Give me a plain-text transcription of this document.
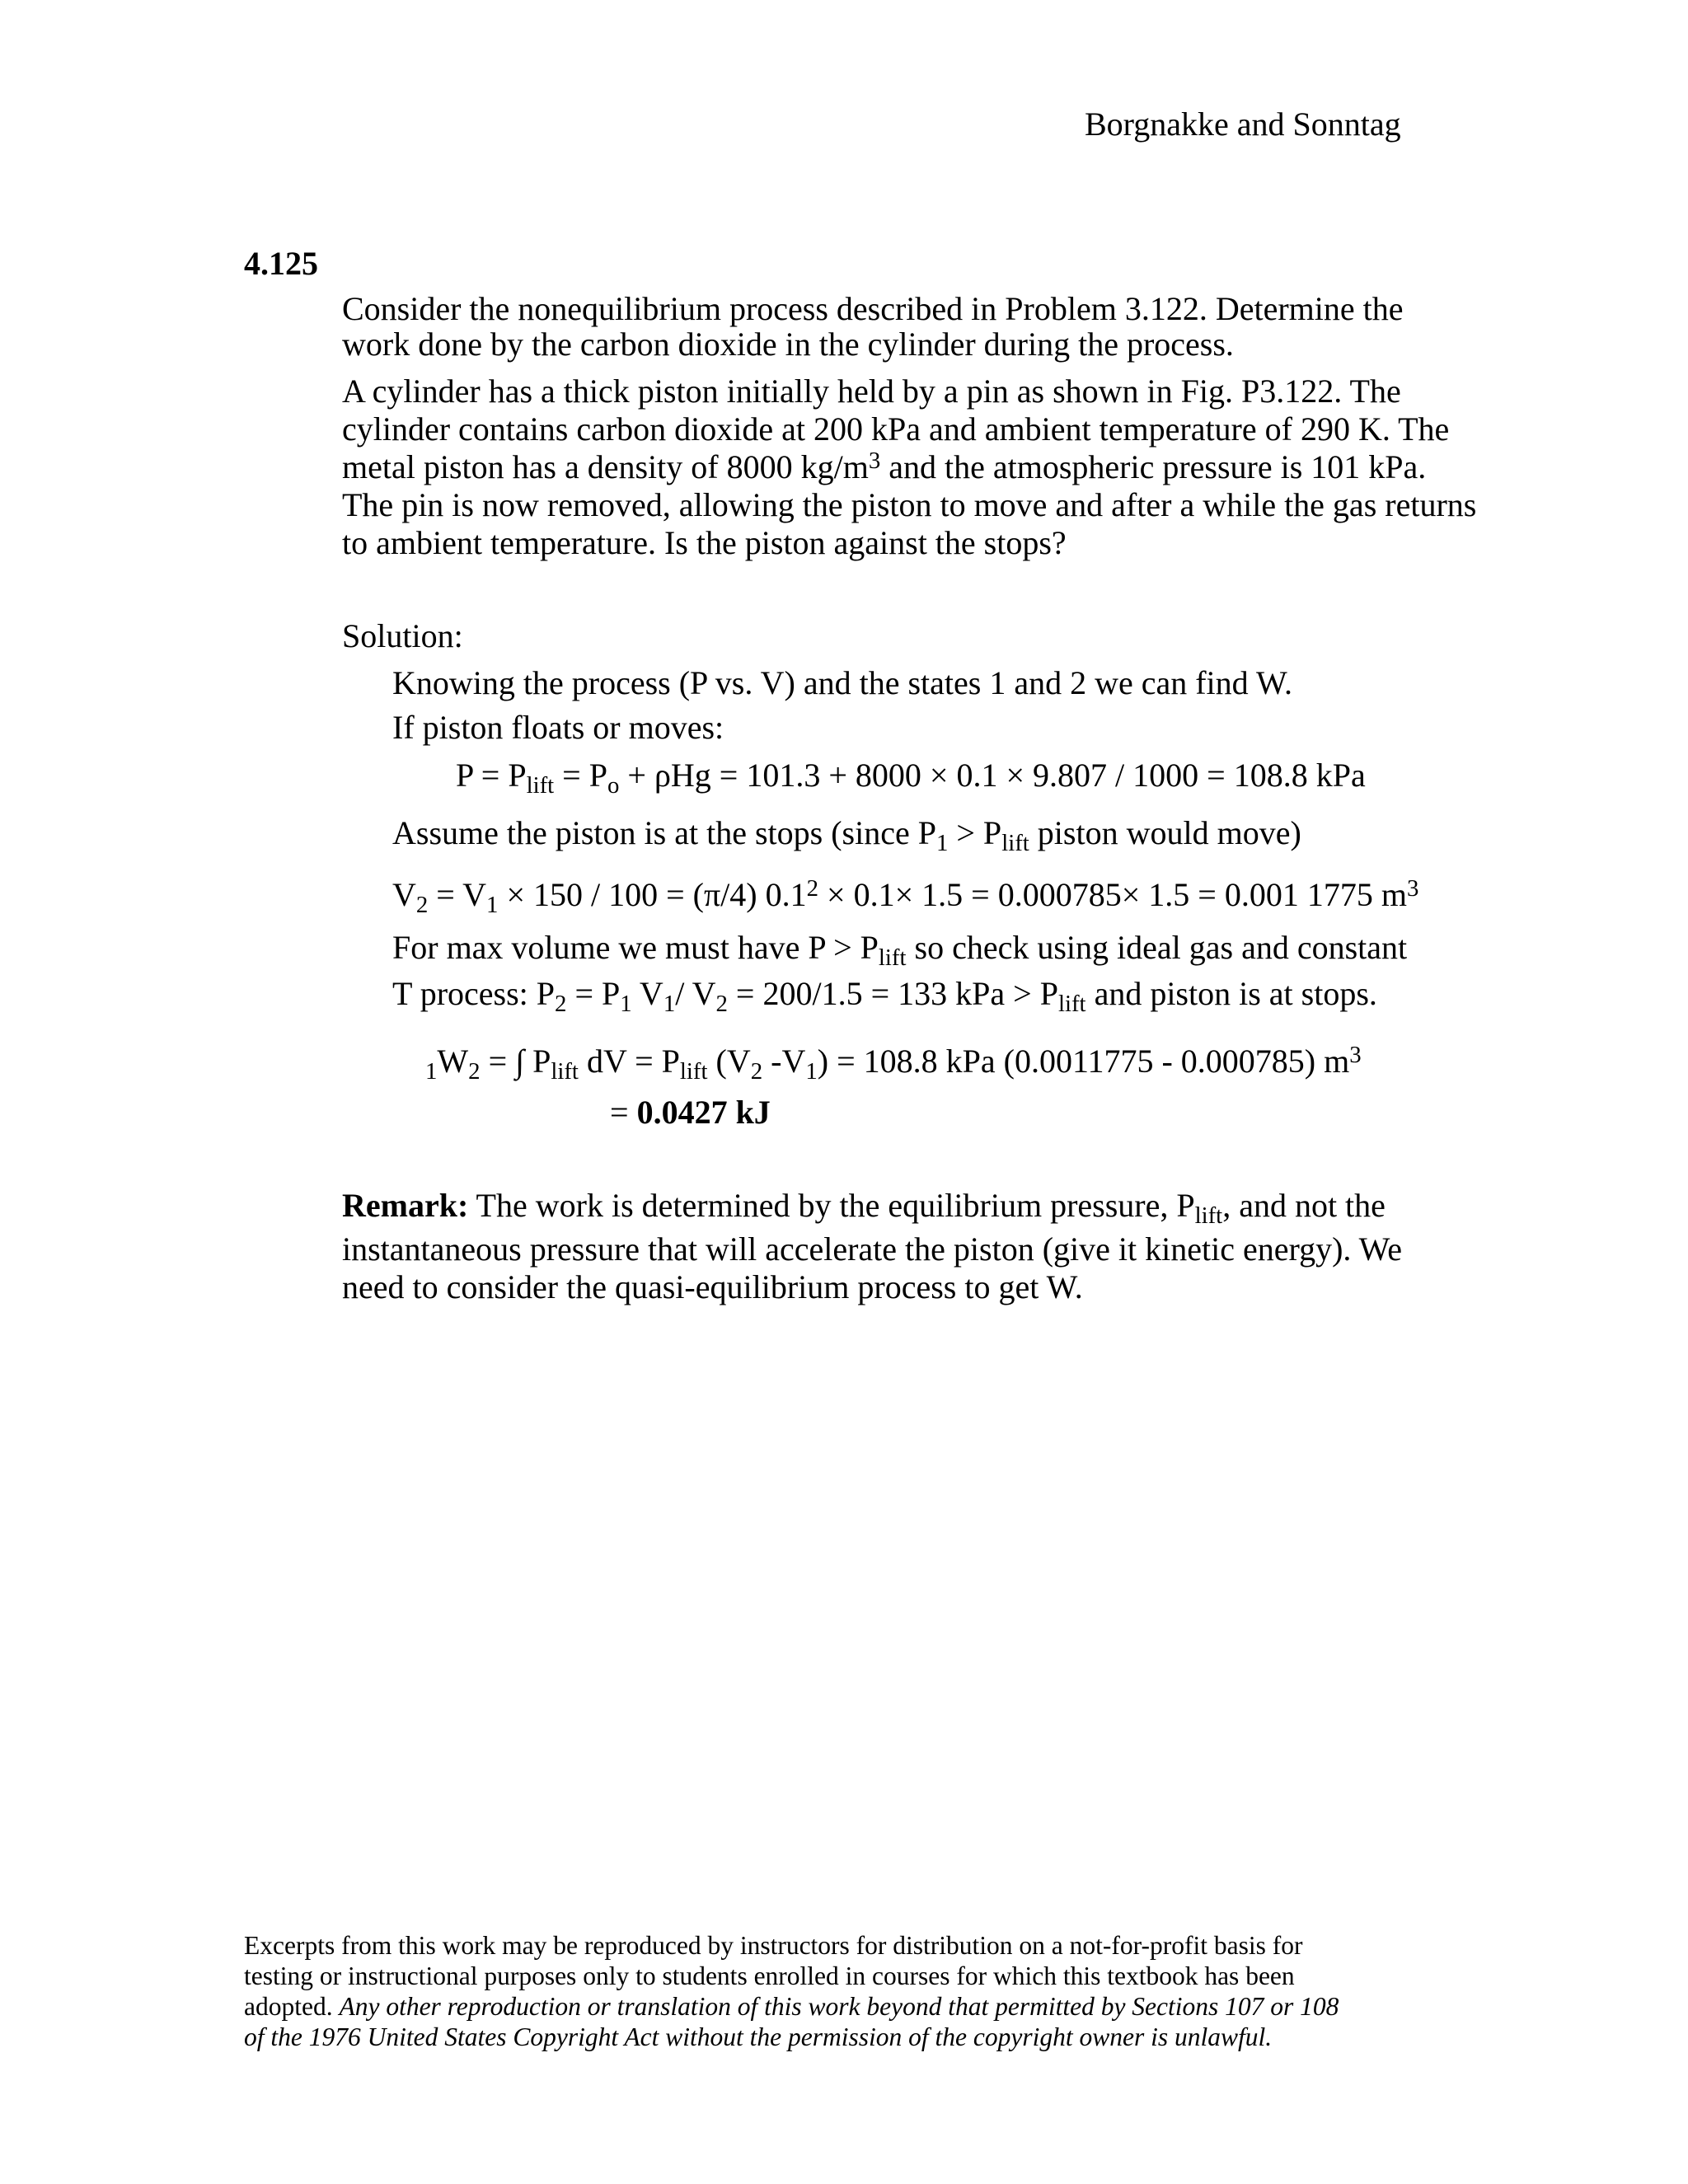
Borgnakke and Sonntag
4.125
Consider the nonequilibrium process described in Problem 3.122. Determine the
work done by the carbon dioxide in the cylinder during the process.
A cylinder has a thick piston initially held by a pin as shown in Fig. P3.122. The
cylinder contains carbon dioxide at 200 kPa and ambient temperature of 290 K. The
metal piston has a density of 8000 $kg/m^3$ and the atmospheric pressure is 101 kPa.
The pin is now removed, allowing the piston to move and after a while the gas returns
to ambient temperature. Is the piston against the stops?
Solution:
Knowing the process (P vs. V) and the states 1 and 2 we can find W.
If piston floats or moves:
$P = P_{lift} = P_o + \rho Hg = 101.3 + 8000 \times 0.1 \times 9.807 / 1000 = 108.8$ kPa
Assume the piston is at the stops (since $P_1 > P_{lift}$ piston would move)
$V_2 = V_1 \times 150 / 100 = (\pi/4) 0.1^2 \times 0.1\times 1.5 = 0.000785\times 1.5 = 0.001$ 1775 $m^3$
For max volume we must have $P > P_{lift}$ so check using ideal gas and constant
T process: $P_2 = P_1$ $V_1/$ $V_2 = 200/1.5 = 133$ kPa > $P_{lift}$ and piston is at stops.
$_1W_2$ = ∫ $P_{lift}$ dV = $P_{lift}$ ($V_2$ $-V_1) = 108.8$ kPa (0.0011775 - 0.000785) $m^3$
= 0.0427 kJ
Remark: The work is determined by the equilibrium pressure, $P_{lift}$, and not the
instantaneous pressure that will accelerate the piston (give it kinetic energy). We
need to consider the quasi-equilibrium process to get W.
Excerpts from this work may be reproduced by instructors for distribution on a not-for-profit basis for
testing or instructional purposes only to students enrolled in courses for which this textbook has been
adopted. Any other reproduction or translation of this work beyond that permitted by Sections 107 or 108
of the 1976 United States Copyright Act without the permission of the copyright owner is unlawful.
